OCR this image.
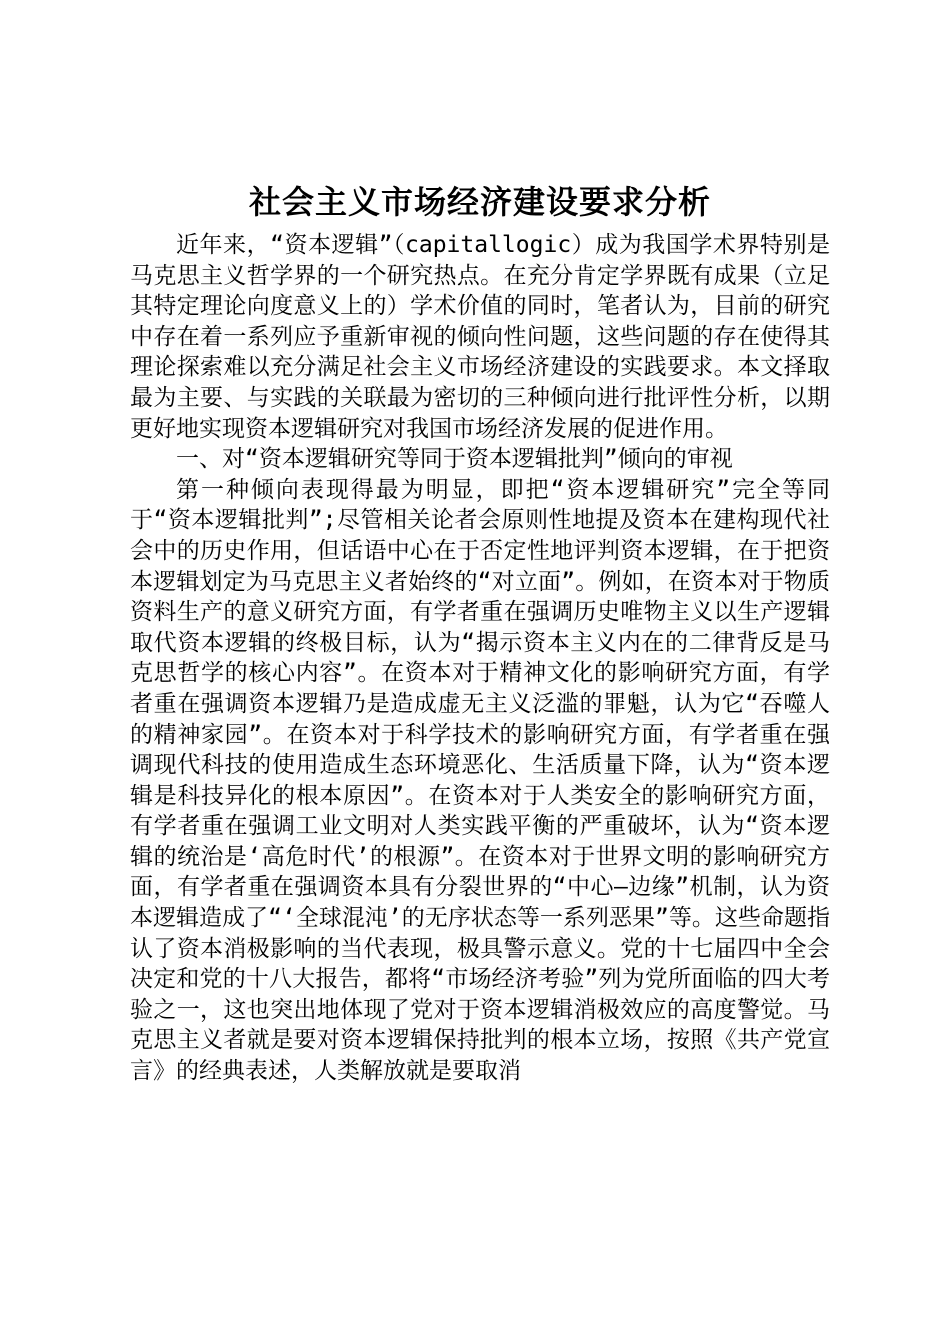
社会主义市场经济建设要求分析

近年来，“资本逻辑”（capitallogic）成为我国学术界特别是马克思主义哲学界的一个研究热点。在充分肯定学界既有成果（立足其特定理论向度意义上的）学术价值的同时，笔者认为，目前的研究中存在着一系列应予重新审视的倾向性问题，这些问题的存在使得其理论探索难以充分满足社会主义市场经济建设的实践要求。本文择取最为主要、与实践的关联最为密切的三种倾向进行批评性分析，以期更好地实现资本逻辑研究对我国市场经济发展的促进作用。

一、对“资本逻辑研究等同于资本逻辑批判”倾向的审视

第一种倾向表现得最为明显，即把“资本逻辑研究”完全等同于“资本逻辑批判”;尽管相关论者会原则性地提及资本在建构现代社会中的历史作用，但话语中心在于否定性地评判资本逻辑，在于把资本逻辑划定为马克思主义者始终的“对立面”。例如，在资本对于物质资料生产的意义研究方面，有学者重在强调历史唯物主义以生产逻辑取代资本逻辑的终极目标，认为“揭示资本主义内在的二律背反是马克思哲学的核心内容”。在资本对于精神文化的影响研究方面，有学者重在强调资本逻辑乃是造成虚无主义泛滥的罪魁，认为它“吞噬人的精神家园”。在资本对于科学技术的影响研究方面，有学者重在强调现代科技的使用造成生态环境恶化、生活质量下降，认为“资本逻辑是科技异化的根本原因”。在资本对于人类安全的影响研究方面，有学者重在强调工业文明对人类实践平衡的严重破坏，认为“资本逻辑的统治是‘高危时代’的根源”。在资本对于世界文明的影响研究方面，有学者重在强调资本具有分裂世界的“中心—边缘”机制，认为资本逻辑造成了“‘全球混沌’的无序状态等一系列恶果”等。这些命题指认了资本消极影响的当代表现，极具警示意义。党的十七届四中全会决定和党的十八大报告，都将“市场经济考验”列为党所面临的四大考验之一，这也突出地体现了党对于资本逻辑消极效应的高度警觉。马克思主义者就是要对资本逻辑保持批判的根本立场，按照《共产党宣言》的经典表述，人类解放就是要取消
